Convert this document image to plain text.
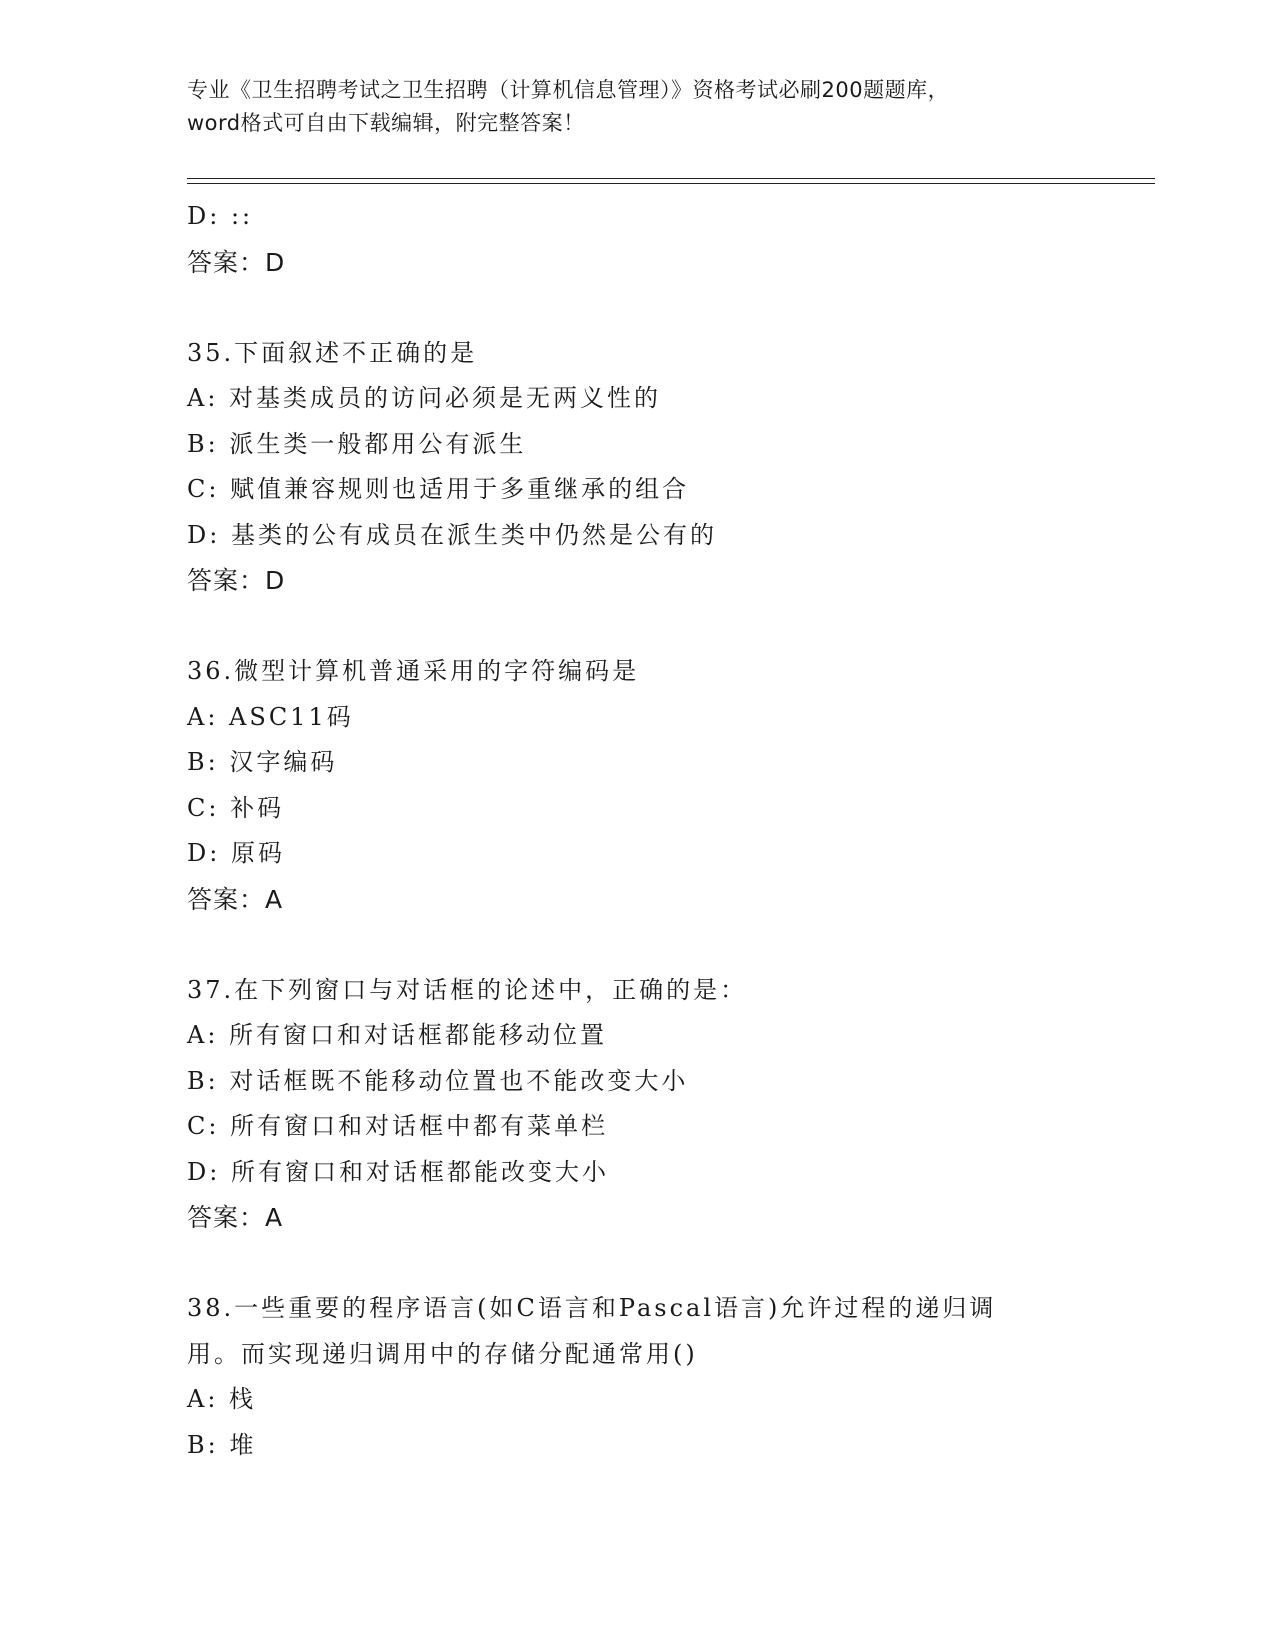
专业《卫生招聘考试之卫生招聘（计算机信息管理）》资格考试必刷200题题库，
word格式可自由下载编辑，附完整答案！
D: ::
答案：D
35.下面叙述不正确的是
A: 对基类成员的访问必须是无两义性的
B: 派生类一般都用公有派生
C: 赋值兼容规则也适用于多重继承的组合
D: 基类的公有成员在派生类中仍然是公有的
答案：D
36.微型计算机普通采用的字符编码是
A: ASC11码
B: 汉字编码
C: 补码
D: 原码
答案：A
37.在下列窗口与对话框的论述中，正确的是：
A: 所有窗口和对话框都能移动位置
B: 对话框既不能移动位置也不能改变大小
C: 所有窗口和对话框中都有菜单栏
D: 所有窗口和对话框都能改变大小
答案：A
38.一些重要的程序语言(如C语言和Pascal语言)允许过程的递归调
用。而实现递归调用中的存储分配通常用()
A: 栈
B: 堆
